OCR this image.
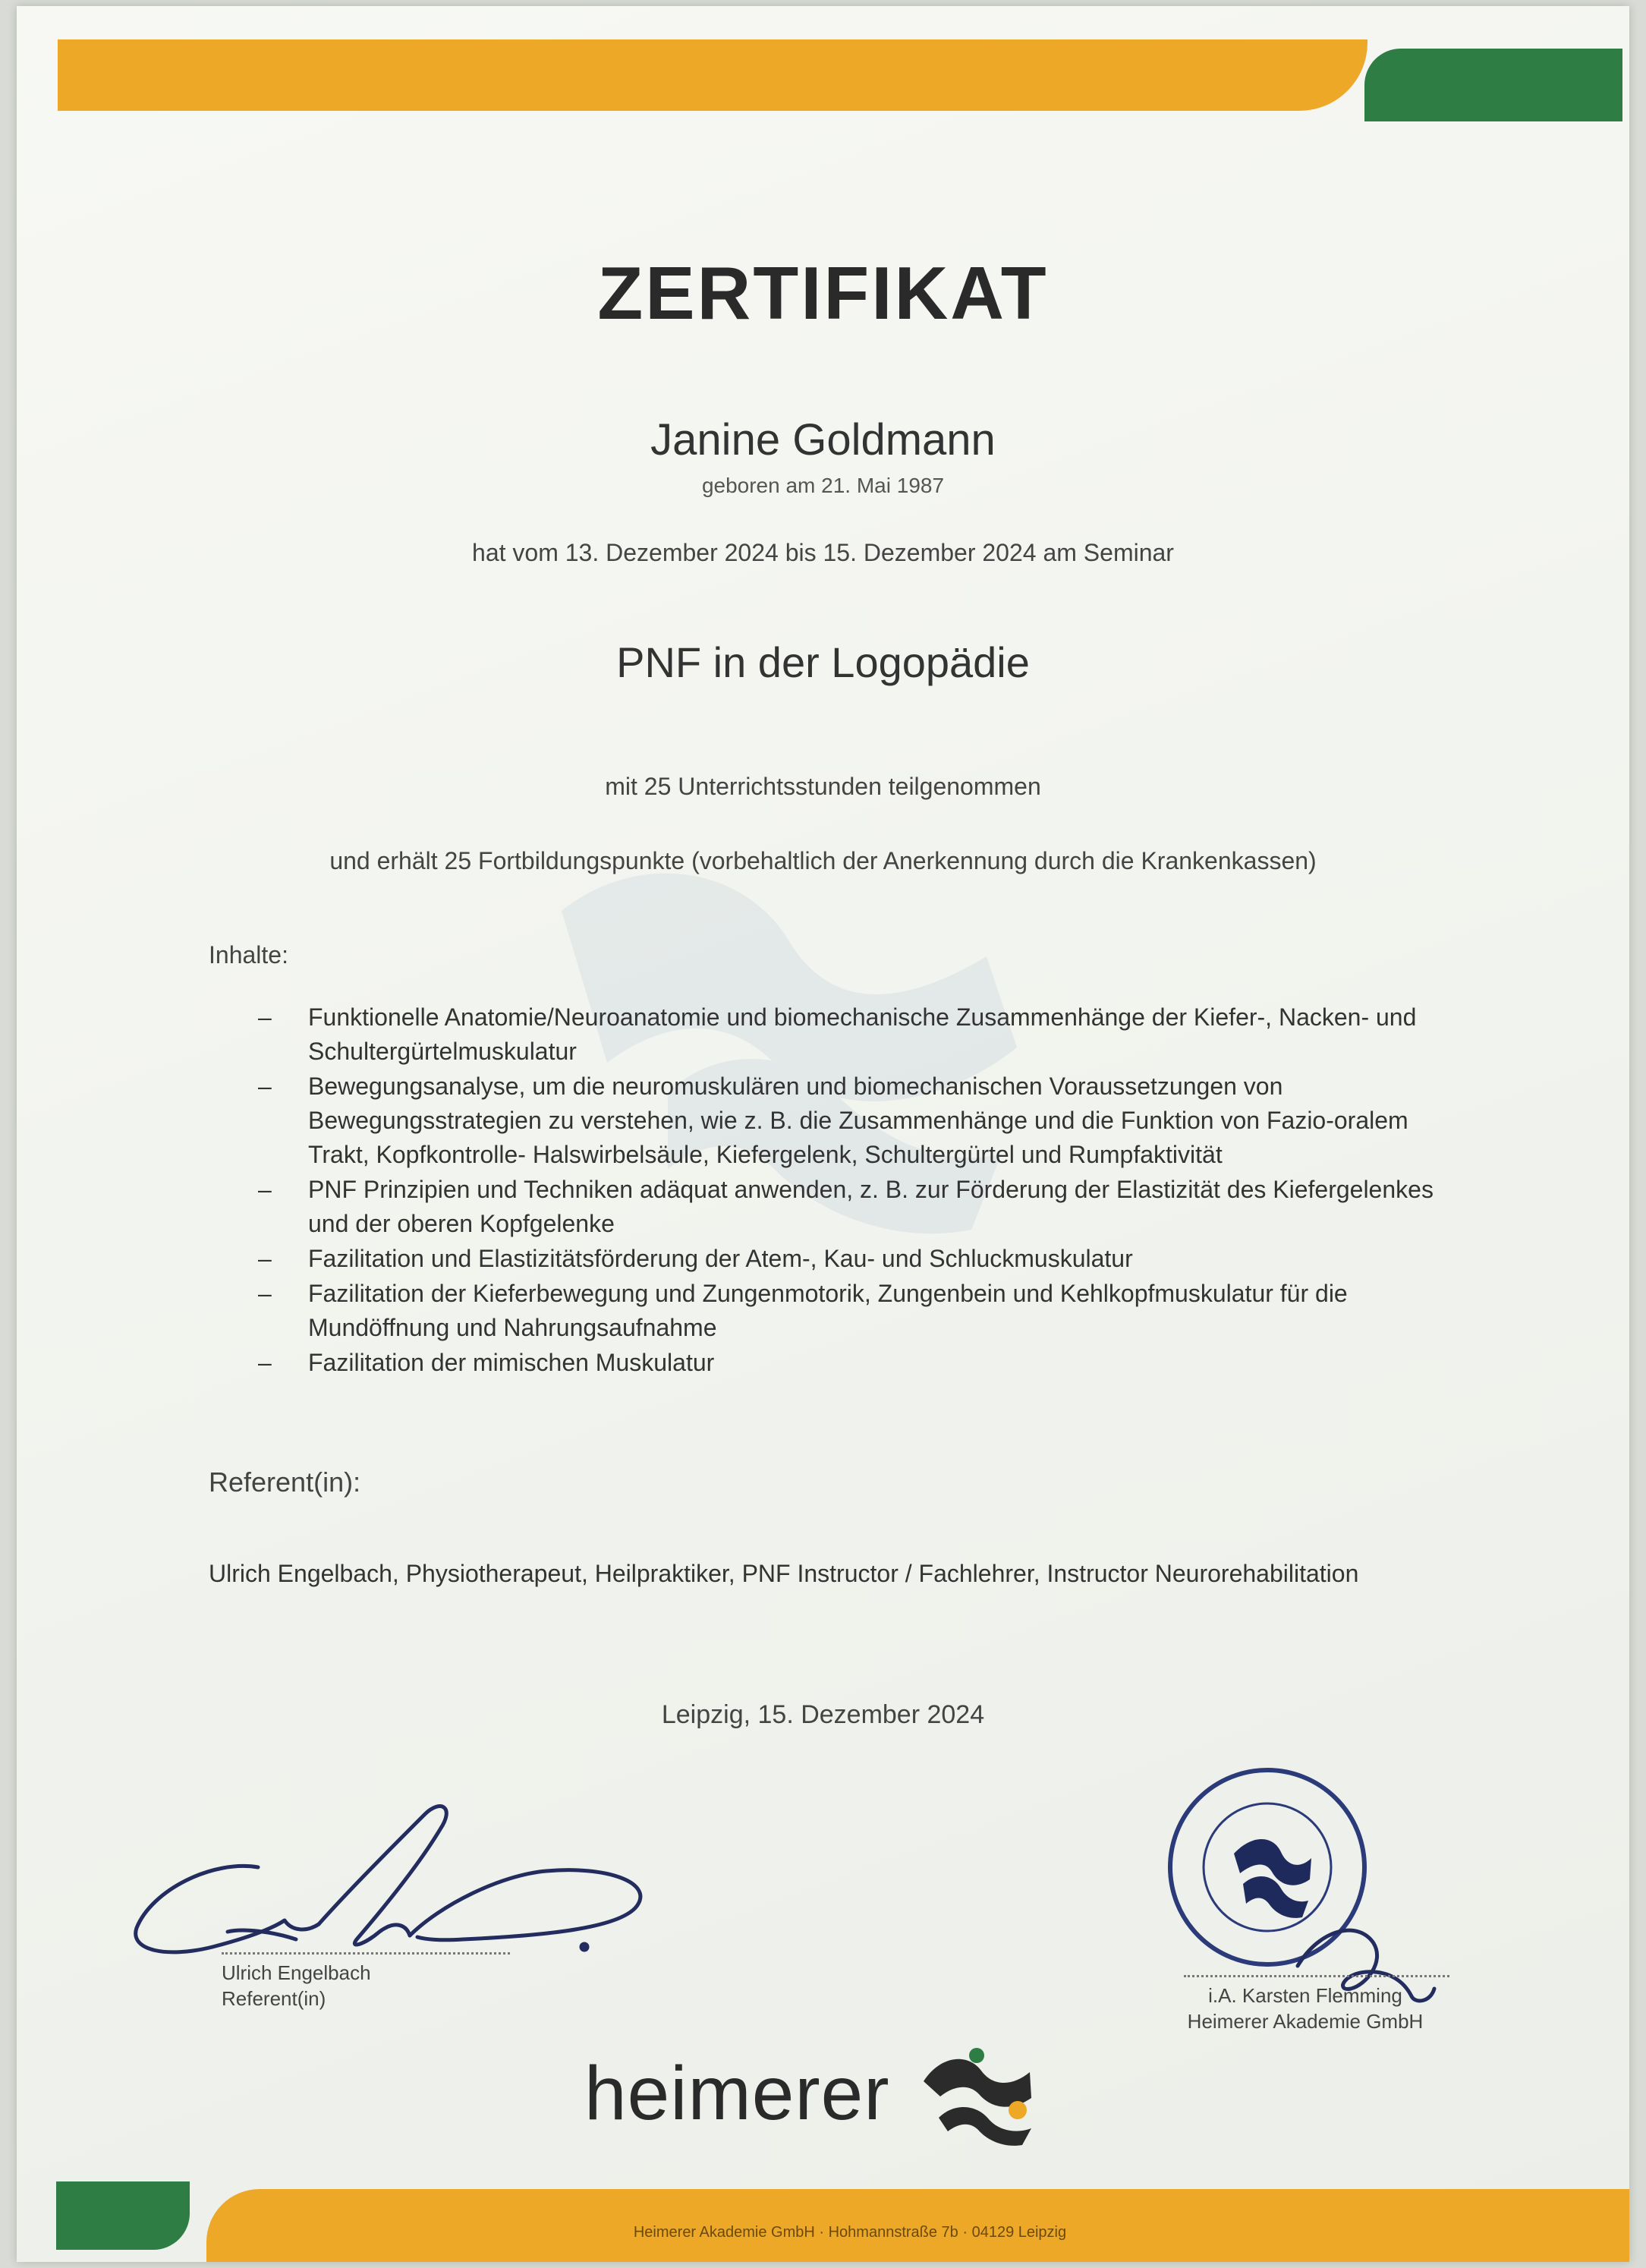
Heimerer Akademie GmbH · Hohmannstraße 7b · 04129 Leipzig
ZERTIFIKAT
Janine Goldmann
geboren am 21. Mai 1987
hat vom 13. Dezember 2024 bis 15. Dezember 2024 am Seminar
PNF in der Logopädie
mit 25 Unterrichtsstunden teilgenommen
und erhält 25 Fortbildungspunkte (vorbehaltlich der Anerkennung durch die Krankenkassen)
Inhalte:
– Funktionelle Anatomie/Neuroanatomie und biomechanische Zusammenhänge der Kiefer-, Nacken- und Schultergürtelmuskulatur
– Bewegungsanalyse, um die neuromuskulären und biomechanischen Voraussetzungen von Bewegungsstrategien zu verstehen, wie z. B. die Zusammenhänge und die Funktion von Fazio-oralem Trakt, Kopfkontrolle- Halswirbelsäule, Kiefergelenk, Schultergürtel und Rumpfaktivität
– PNF Prinzipien und Techniken adäquat anwenden, z. B. zur Förderung der Elastizität des Kiefergelenkes und der oberen Kopfgelenke
– Fazilitation und Elastizitätsförderung der Atem-, Kau- und Schluckmuskulatur
– Fazilitation der Kieferbewegung und Zungenmotorik, Zungenbein und Kehlkopfmuskulatur für die Mundöffnung und Nahrungsaufnahme
– Fazilitation der mimischen Muskulatur
Referent(in):
Ulrich Engelbach, Physiotherapeut, Heilpraktiker, PNF Instructor / Fachlehrer, Instructor Neurorehabilitation
Leipzig, 15. Dezember 2024
Ulrich Engelbach
Referent(in)	i.A. Karsten Flemming
Heimerer Akademie GmbH
heimerer
